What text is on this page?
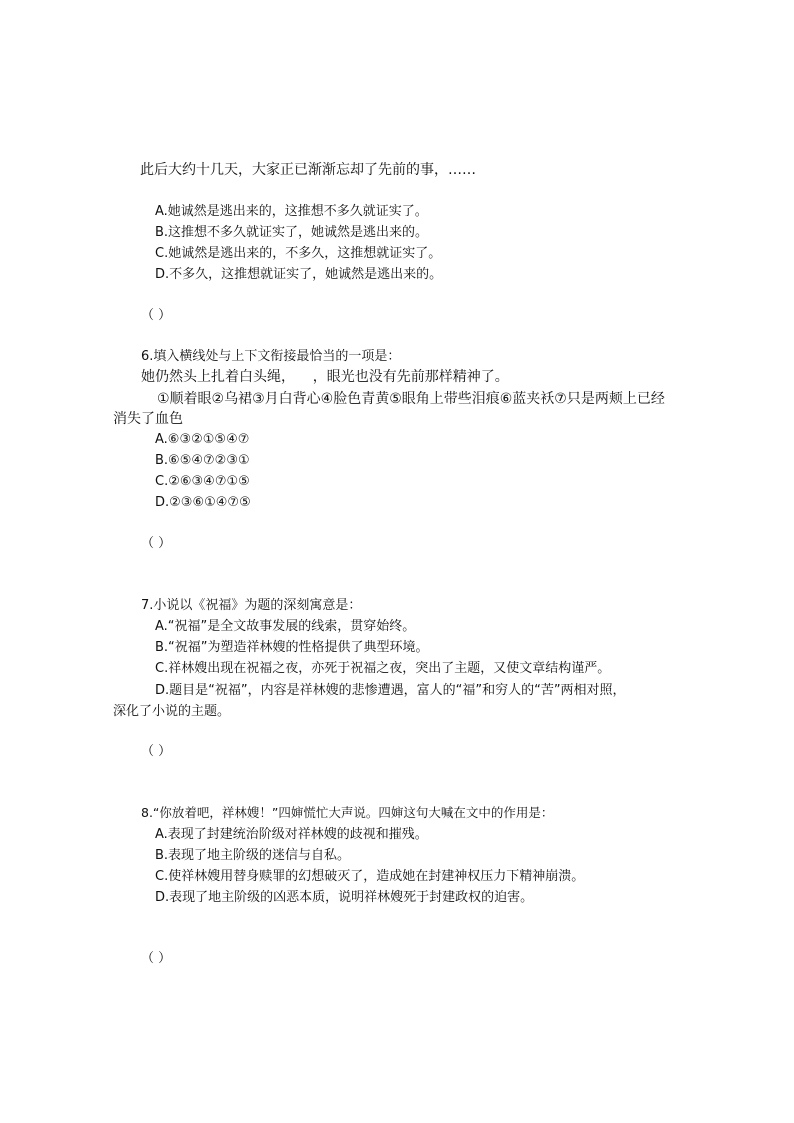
此后大约十几天，大家正已渐渐忘却了先前的事，……
A.她诚然是逃出来的，这推想不多久就证实了。
B.这推想不多久就证实了，她诚然是逃出来的。
C.她诚然是逃出来的，不多久，这推想就证实了。
D.不多久，这推想就证实了，她诚然是逃出来的。
（ ）
6.填入横线处与上下文衔接最恰当的一项是：
她仍然头上扎着白头绳，    ，眼光也没有先前那样精神了。
①顺着眼②乌裙③月白背心④脸色青黄⑤眼角上带些泪痕⑥蓝夹袄⑦只是两颊上已经
消失了血色
A.⑥③②①⑤④⑦
B.⑥⑤④⑦②③①
C.②⑥③④⑦①⑤
D.②③⑥①④⑦⑤
（ ）
7.小说以《祝福》为题的深刻寓意是：
A.“祝福”是全文故事发展的线索，贯穿始终。
B.“祝福”为塑造祥林嫂的性格提供了典型环境。
C.祥林嫂出现在祝福之夜，亦死于祝福之夜，突出了主题，又使文章结构谨严。
D.题目是“祝福”，内容是祥林嫂的悲惨遭遇，富人的“福”和穷人的“苦”两相对照，
深化了小说的主题。
（ ）
8.“你放着吧，祥林嫂！”四婶慌忙大声说。四婶这句大喊在文中的作用是：
A.表现了封建统治阶级对祥林嫂的歧视和摧残。
B.表现了地主阶级的迷信与自私。
C.使祥林嫂用替身赎罪的幻想破灭了，造成她在封建神权压力下精神崩溃。
D.表现了地主阶级的凶恶本质，说明祥林嫂死于封建政权的迫害。
（ ）
